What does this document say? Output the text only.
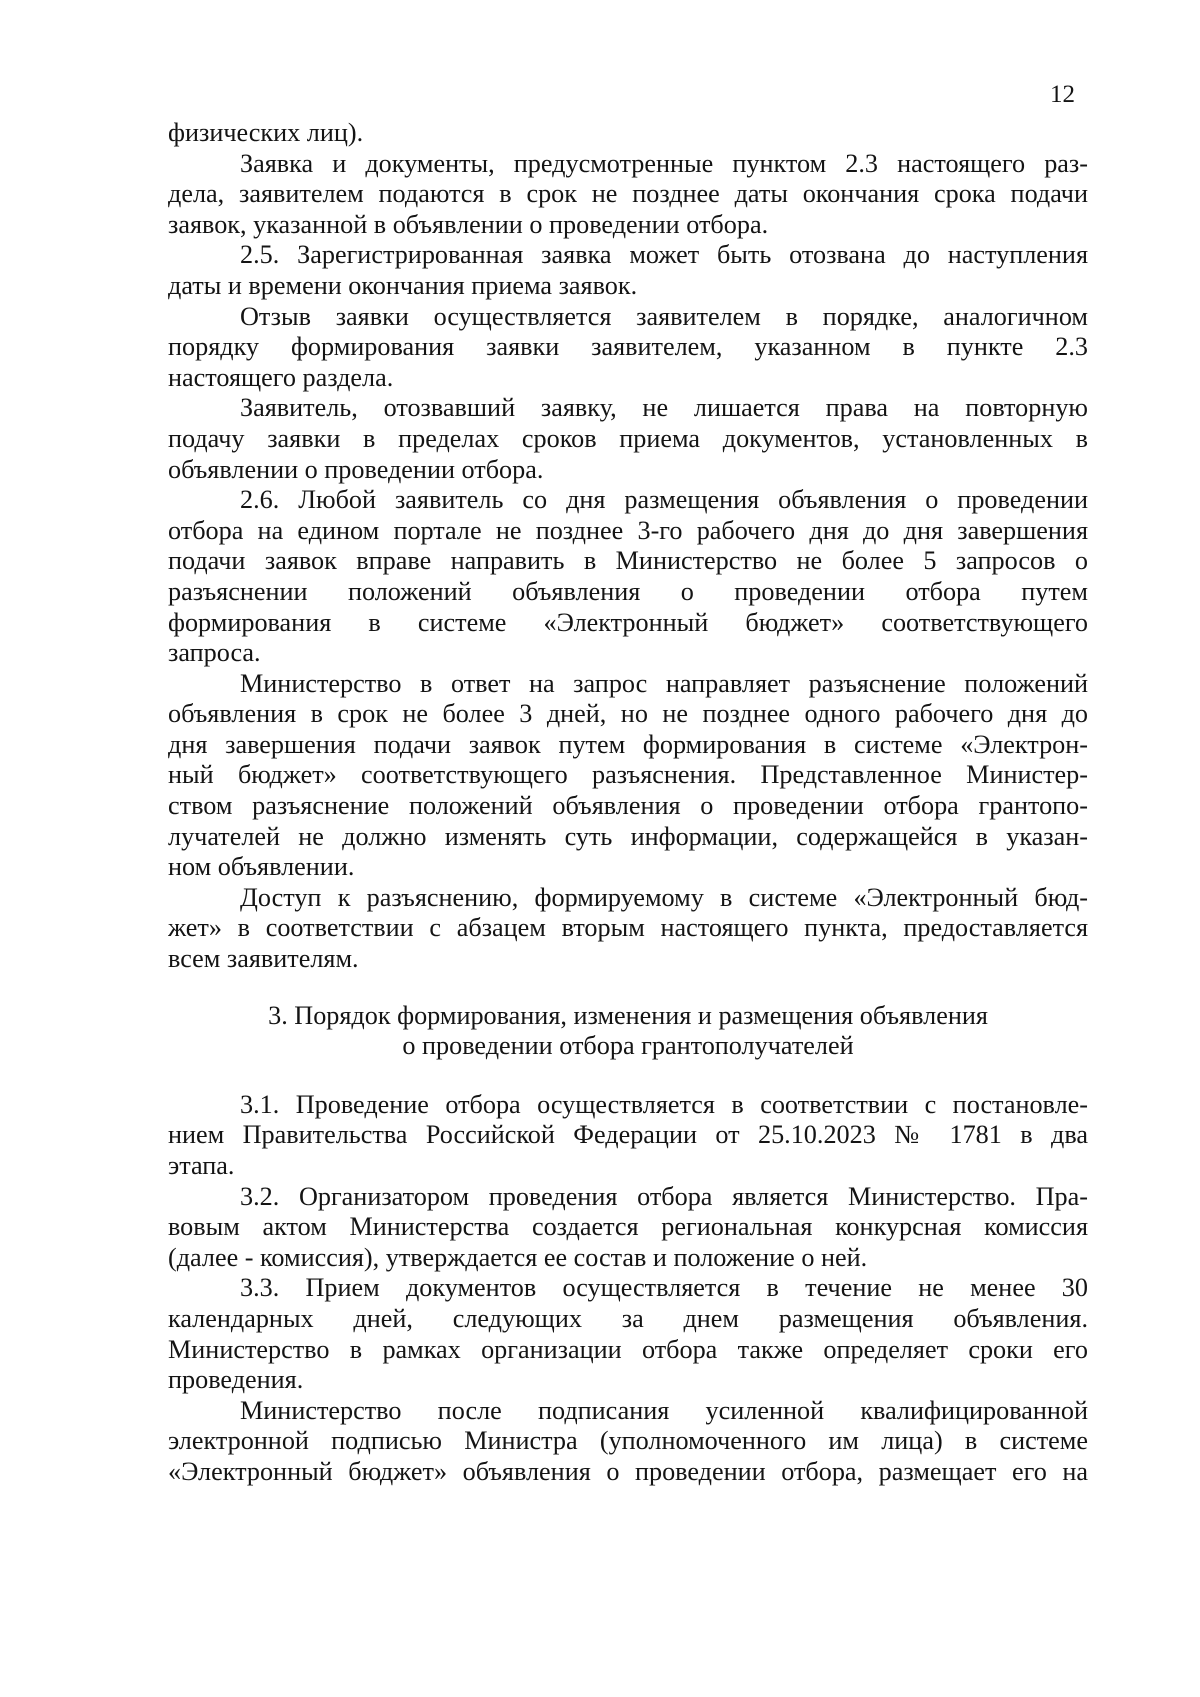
12
физических лиц).
Заявка и документы, предусмотренные пунктом 2.3 настоящего раз-
дела, заявителем подаются в срок не позднее даты окончания срока подачи
заявок, указанной в объявлении о проведении отбора.
2.5. Зарегистрированная заявка может быть отозвана до наступления
даты и времени окончания приема заявок.
Отзыв заявки осуществляется заявителем в порядке, аналогичном
порядку формирования заявки заявителем, указанном в пункте 2.3
настоящего раздела.
Заявитель, отозвавший заявку, не лишается права на повторную
подачу заявки в пределах сроков приема документов, установленных в
объявлении о проведении отбора.
2.6. Любой заявитель со дня размещения объявления о проведении
отбора на едином портале не позднее 3-го рабочего дня до дня завершения
подачи заявок вправе направить в Министерство не более 5 запросов о
разъяснении положений объявления о проведении отбора путем
формирования в системе «Электронный бюджет» соответствующего
запроса.
Министерство в ответ на запрос направляет разъяснение положений
объявления в срок не более 3 дней, но не позднее одного рабочего дня до
дня завершения подачи заявок путем формирования в системе «Электрон-
ный бюджет» соответствующего разъяснения. Представленное Министер-
ством разъяснение положений объявления о проведении отбора грантопо-
лучателей не должно изменять суть информации, содержащейся в указан-
ном объявлении.
Доступ к разъяснению, формируемому в системе «Электронный бюд-
жет» в соответствии с абзацем вторым настоящего пункта, предоставляется
всем заявителям.
3. Порядок формирования, изменения и размещения объявления
о проведении отбора грантополучателей
3.1. Проведение отбора осуществляется в соответствии с постановле-
нием Правительства Российской Федерации от 25.10.2023 № 1781 в два
этапа.
3.2. Организатором проведения отбора является Министерство. Пра-
вовым актом Министерства создается региональная конкурсная комиссия
(далее - комиссия), утверждается ее состав и положение о ней.
3.3. Прием документов осуществляется в течение не менее 30
календарных дней, следующих за днем размещения объявления.
Министерство в рамках организации отбора также определяет сроки его
проведения.
Министерство после подписания усиленной квалифицированной
электронной подписью Министра (уполномоченного им лица) в системе
«Электронный бюджет» объявления о проведении отбора, размещает его на
